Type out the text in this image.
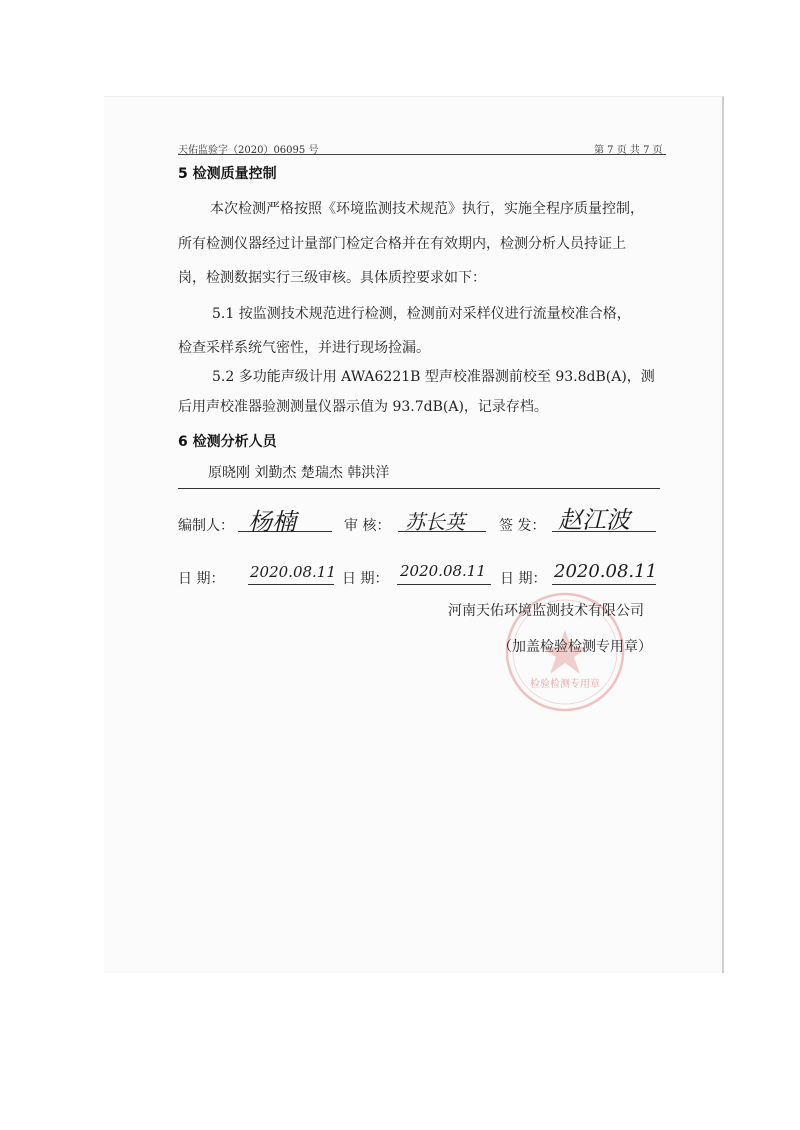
天佑监验字（2020）06095 号	第 7 页 共 7 页
5 检测质量控制
本次检测严格按照《环境监测技术规范》执行，实施全程序质量控制，
所有检测仪器经过计量部门检定合格并在有效期内，检测分析人员持证上
岗，检测数据实行三级审核。具体质控要求如下：
5.1 按监测技术规范进行检测，检测前对采样仪进行流量校准合格，
检查采样系统气密性，并进行现场捡漏。
5.2 多功能声级计用 AWA6221B 型声校准器测前校至 93.8dB(A)，测
后用声校准器验测测量仪器示值为 93.7dB(A)，记录存档。
6 检测分析人员
原晓刚 刘勤杰 楚瑞杰 韩洪洋
编制人： 杨楠	审 核： 苏长英 签 发： 赵江波
日 期： 2020.08.11 日 期： 2020.08.11 日 期： 2020.08.11
检验检测专用章
河南天佑环境监测技术有限公司
（加盖检验检测专用章）
